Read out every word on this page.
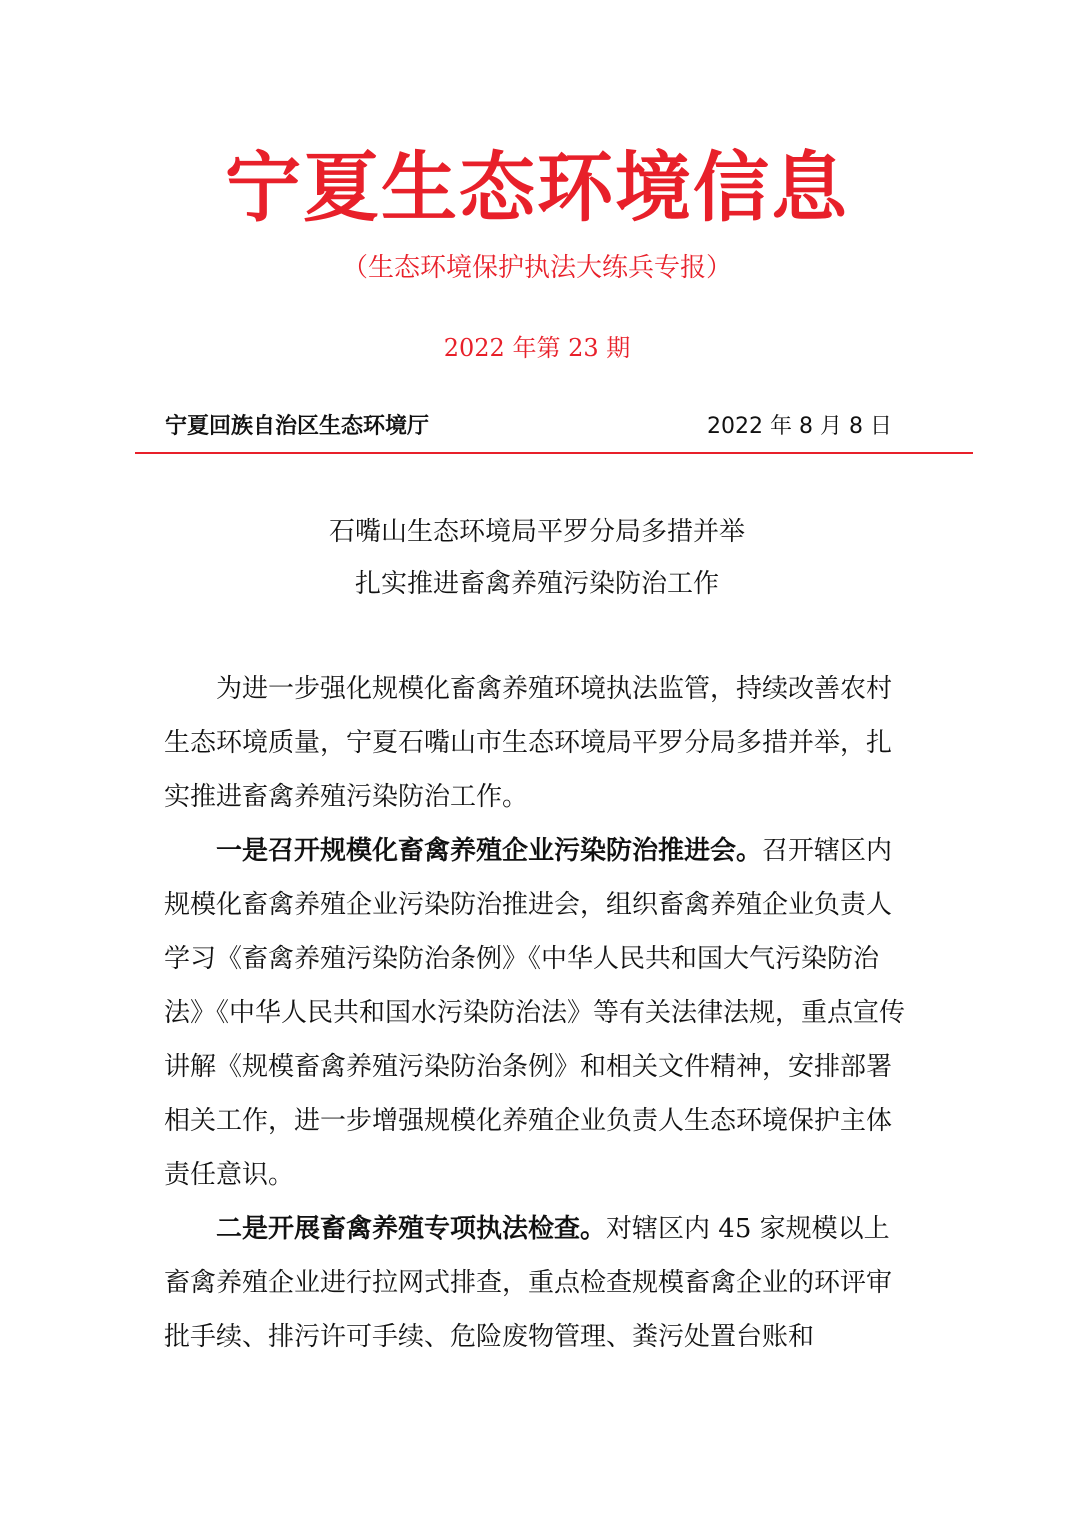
宁夏生态环境信息
（生态环境保护执法大练兵专报）
2022 年第 23 期
宁夏回族自治区生态环境厅	2022 年 8 月 8 日
石嘴山生态环境局平罗分局多措并举
扎实推进畜禽养殖污染防治工作

为进一步强化规模化畜禽养殖环境执法监管，持续改善农村生态环境质量，宁夏石嘴山市生态环境局平罗分局多措并举，扎实推进畜禽养殖污染防治工作。

一是召开规模化畜禽养殖企业污染防治推进会。召开辖区内规模化畜禽养殖企业污染防治推进会，组织畜禽养殖企业负责人学习《畜禽养殖污染防治条例》《中华人民共和国大气污染防治法》《中华人民共和国水污染防治法》等有关法律法规，重点宣传讲解《规模畜禽养殖污染防治条例》和相关文件精神，安排部署相关工作，进一步增强规模化养殖企业负责人生态环境保护主体责任意识。

二是开展畜禽养殖专项执法检查。对辖区内 45 家规模以上畜禽养殖企业进行拉网式排查，重点检查规模畜禽企业的环评审批手续、排污许可手续、危险废物管理、粪污处置台账和
